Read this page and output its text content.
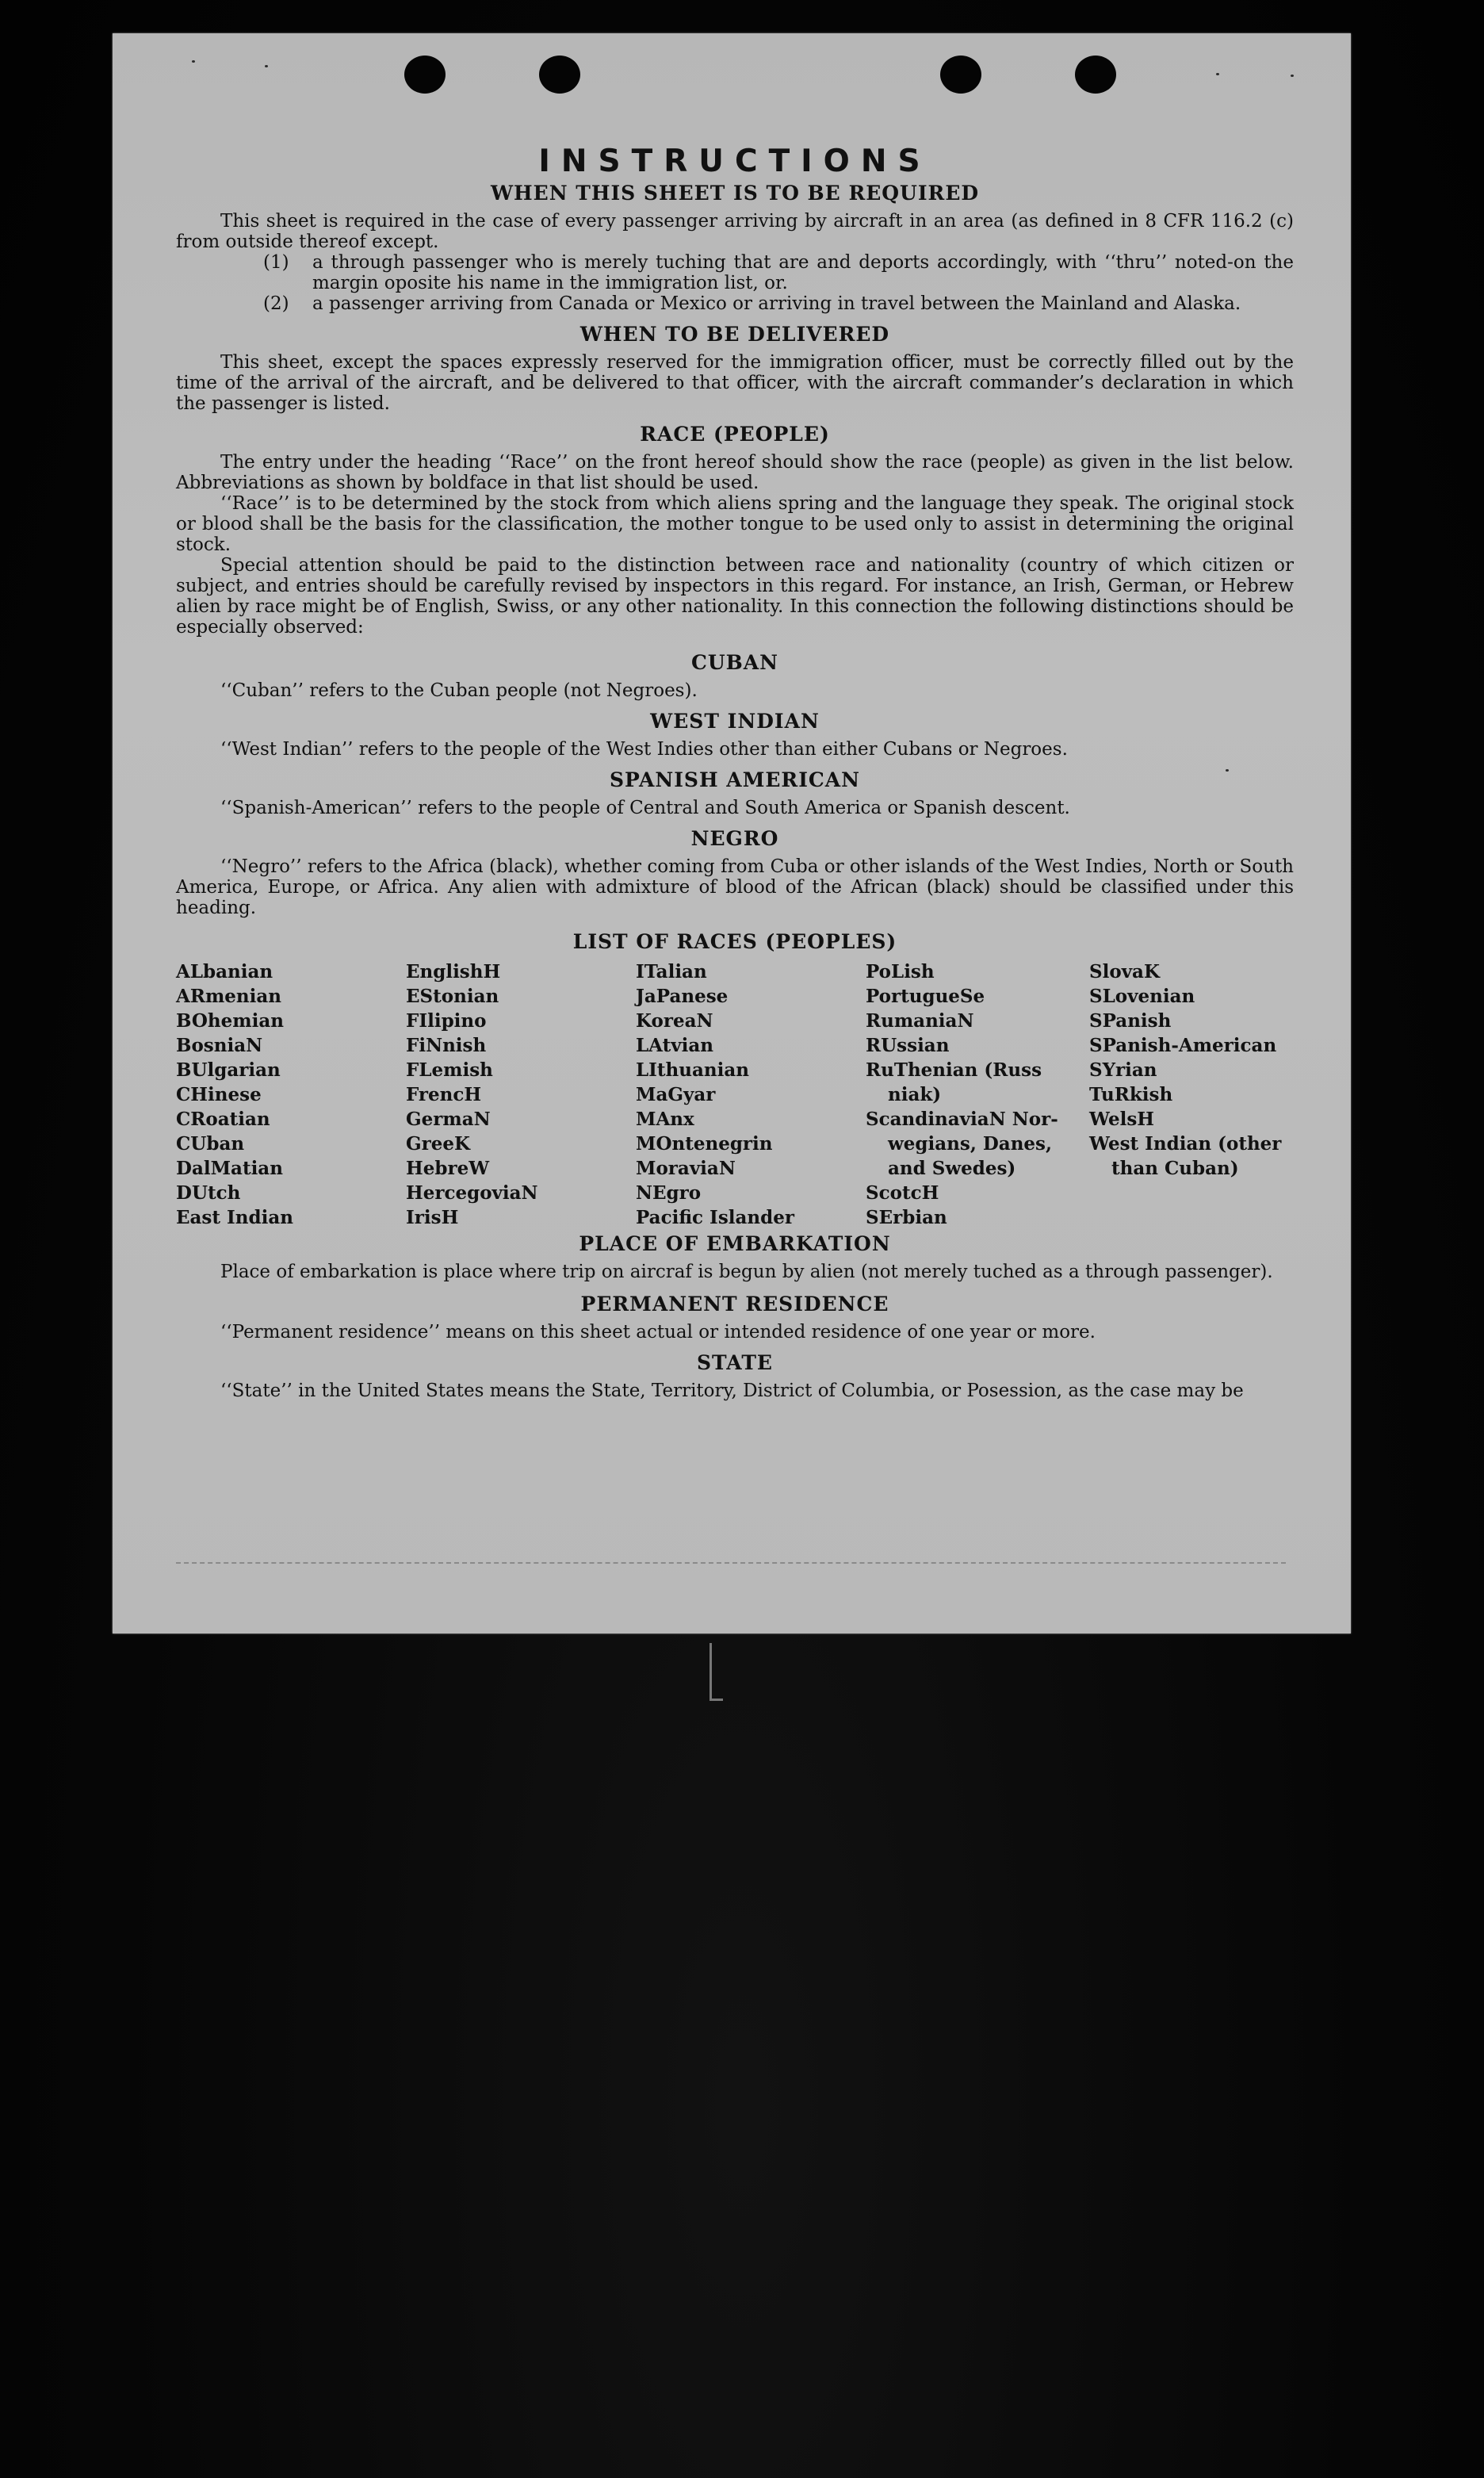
INSTRUCTIONS
WHEN THIS SHEET IS TO BE REQUIRED

This sheet is required in the case of every passenger arriving by aircraft in an area (as defined in 8 CFR 116.2 (c) from outside thereof except.

(1)	a through passenger who is merely tuching that are and deports accordingly, with ‘‘thru’’ noted-on the margin oposite his name in the immigration list, or.
(2)	a passenger arriving from Canada or Mexico or arriving in travel between the Mainland and Alaska.
WHEN TO BE DELIVERED

This sheet, except the spaces expressly reserved for the immigration officer, must be correctly filled out by the time of the arrival of the aircraft, and be delivered to that officer, with the aircraft commander’s declaration in which the passenger is listed.

RACE (PEOPLE)

The entry under the heading ‘‘Race’’ on the front hereof should show the race (people) as given in the list below. Abbreviations as shown by boldface in that list should be used.

‘‘Race’’ is to be determined by the stock from which aliens spring and the language they speak. The original stock or blood shall be the basis for the classification, the mother tongue to be used only to assist in determining the original stock.

Special attention should be paid to the distinction between race and nationality (country of which citizen or subject, and entries should be carefully revised by inspectors in this regard. For instance, an Irish, German, or Hebrew alien by race might be of English, Swiss, or any other nationality. In this connection the following distinctions should be especially observed:

CUBAN

‘‘Cuban’’ refers to the Cuban people (not Negroes).

WEST INDIAN

‘‘West Indian’’ refers to the people of the West Indies other than either Cubans or Negroes.

SPANISH AMERICAN

‘‘Spanish-American’’ refers to the people of Central and South America or Spanish descent.

NEGRO

‘‘Negro’’ refers to the Africa (black), whether coming from Cuba or other islands of the West Indies, North or South America, Europe, or Africa. Any alien with admixture of blood of the African (black) should be classified under this heading.

LIST OF RACES (PEOPLES)
ALbanian
ARmenian
BOhemian
BosniaN
BUlgarian
CHinese
CRoatian
CUban
DalMatian
DUtch
East Indian
EnglishH
EStonian
FIlipino
FiNnish
FLemish
FrencH
GermaN
GreeK
HebreW
HercegoviaN
IrisH
ITalian
JaPanese
KoreaN
LAtvian
LIthuanian
MaGyar
MAnx
MOntenegrin
MoraviaN
NEgro
Pacific Islander
PoLish
PortugueSe
RumaniaN
RUssian
RuThenian (Russ
niak)
ScandinaviaN Nor-
wegians, Danes,
and Swedes)
ScotcH
SErbian
SlovaK
SLovenian
SPanish
SPanish-American
SYrian
TuRkish
WelsH
West Indian (other
than Cuban)
PLACE OF EMBARKATION

Place of embarkation is place where trip on aircraf is begun by alien (not merely tuched as a through passenger).

PERMANENT RESIDENCE

‘‘Permanent residence’’ means on this sheet actual or intended residence of one year or more.

STATE

‘‘State’’ in the United States means the State, Territory, District of Columbia, or Posession, as the case may be
